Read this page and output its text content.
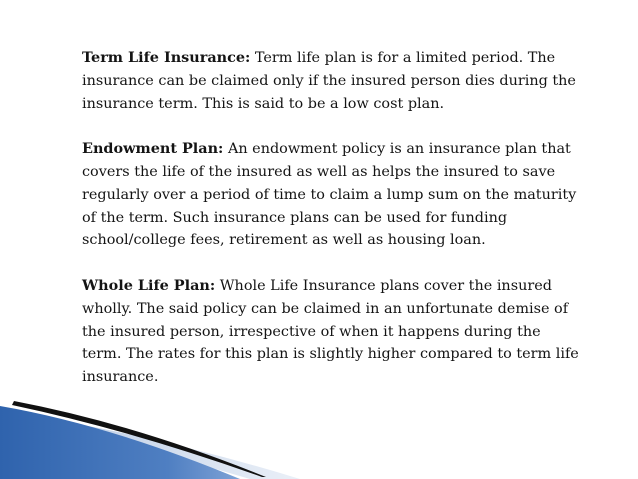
Term Life Insurance: Term life plan is for a limited period. The insurance can be claimed only if the insured person dies during the insurance term. This is said to be a low cost plan.

Endowment Plan: An endowment policy is an insurance plan that covers the life of the insured as well as helps the insured to save regularly over a period of time to claim a lump sum on the maturity of the term. Such insurance plans can be used for funding school/college fees, retirement as well as housing loan.

Whole Life Plan: Whole Life Insurance plans cover the insured wholly. The said policy can be claimed in an unfortunate demise of the insured person, irrespective of when it happens during the term. The rates for this plan is slightly higher compared to term life insurance.
